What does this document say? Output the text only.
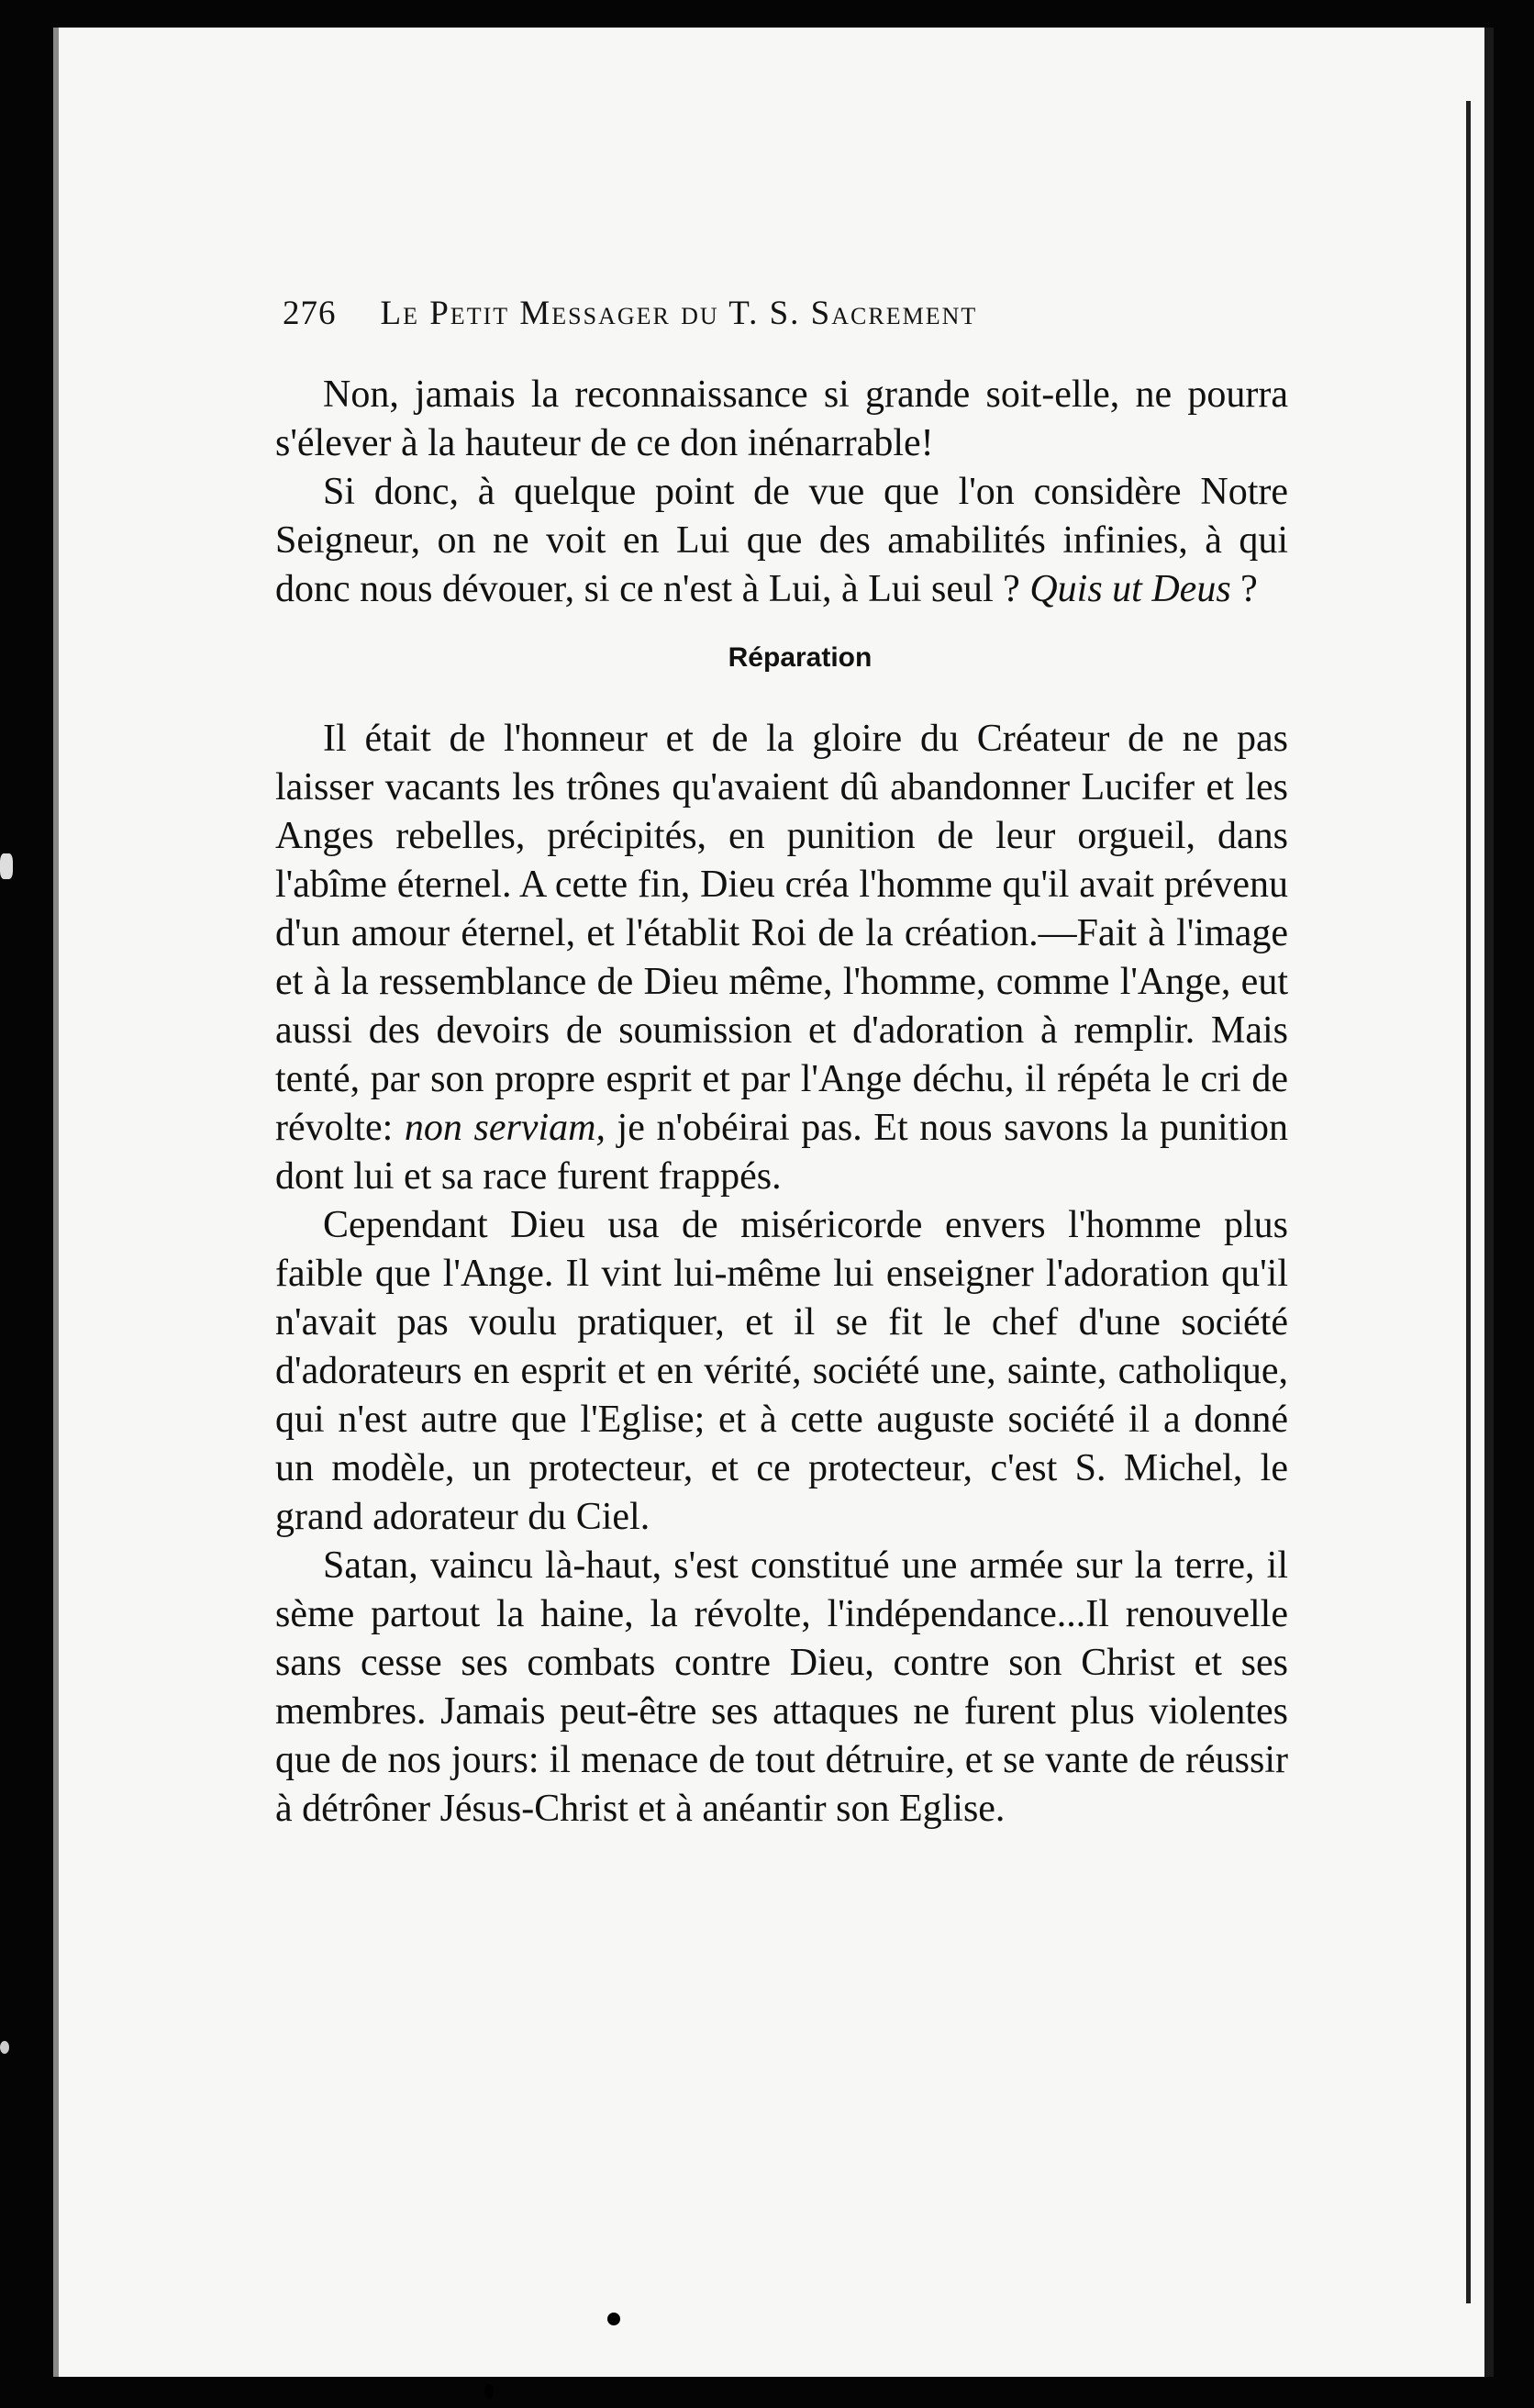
276 Le Petit Messager du T. S. Sacrement

Non, jamais la reconnaissance si grande soit-elle, ne pourra s'élever à la hauteur de ce don inénarrable!

Si donc, à quelque point de vue que l'on considère Notre Seigneur, on ne voit en Lui que des amabilités infinies, à qui donc nous dévouer, si ce n'est à Lui, à Lui seul ? Quis ut Deus ?

Réparation

Il était de l'honneur et de la gloire du Créateur de ne pas laisser vacants les trônes qu'avaient dû abandonner Lucifer et les Anges rebelles, précipités, en punition de leur orgueil, dans l'abîme éternel. A cette fin, Dieu créa l'homme qu'il avait prévenu d'un amour éternel, et l'établit Roi de la création.—Fait à l'image et à la ressemblance de Dieu même, l'homme, comme l'Ange, eut aussi des devoirs de soumission et d'adoration à remplir. Mais tenté, par son propre esprit et par l'Ange déchu, il répéta le cri de révolte: non serviam, je n'obéirai pas. Et nous savons la punition dont lui et sa race furent frappés.

Cependant Dieu usa de miséricorde envers l'homme plus faible que l'Ange. Il vint lui-même lui enseigner l'adoration qu'il n'avait pas voulu pratiquer, et il se fit le chef d'une société d'adorateurs en esprit et en vérité, société une, sainte, catholique, qui n'est autre que l'Eglise; et à cette auguste société il a donné un modèle, un protecteur, et ce protecteur, c'est S. Michel, le grand adorateur du Ciel.

Satan, vaincu là-haut, s'est constitué une armée sur la terre, il sème partout la haine, la révolte, l'indépendance...Il renouvelle sans cesse ses combats contre Dieu, contre son Christ et ses membres. Jamais peut-être ses attaques ne furent plus violentes que de nos jours: il menace de tout détruire, et se vante de réussir à détrôner Jésus-Christ et à anéantir son Eglise.
